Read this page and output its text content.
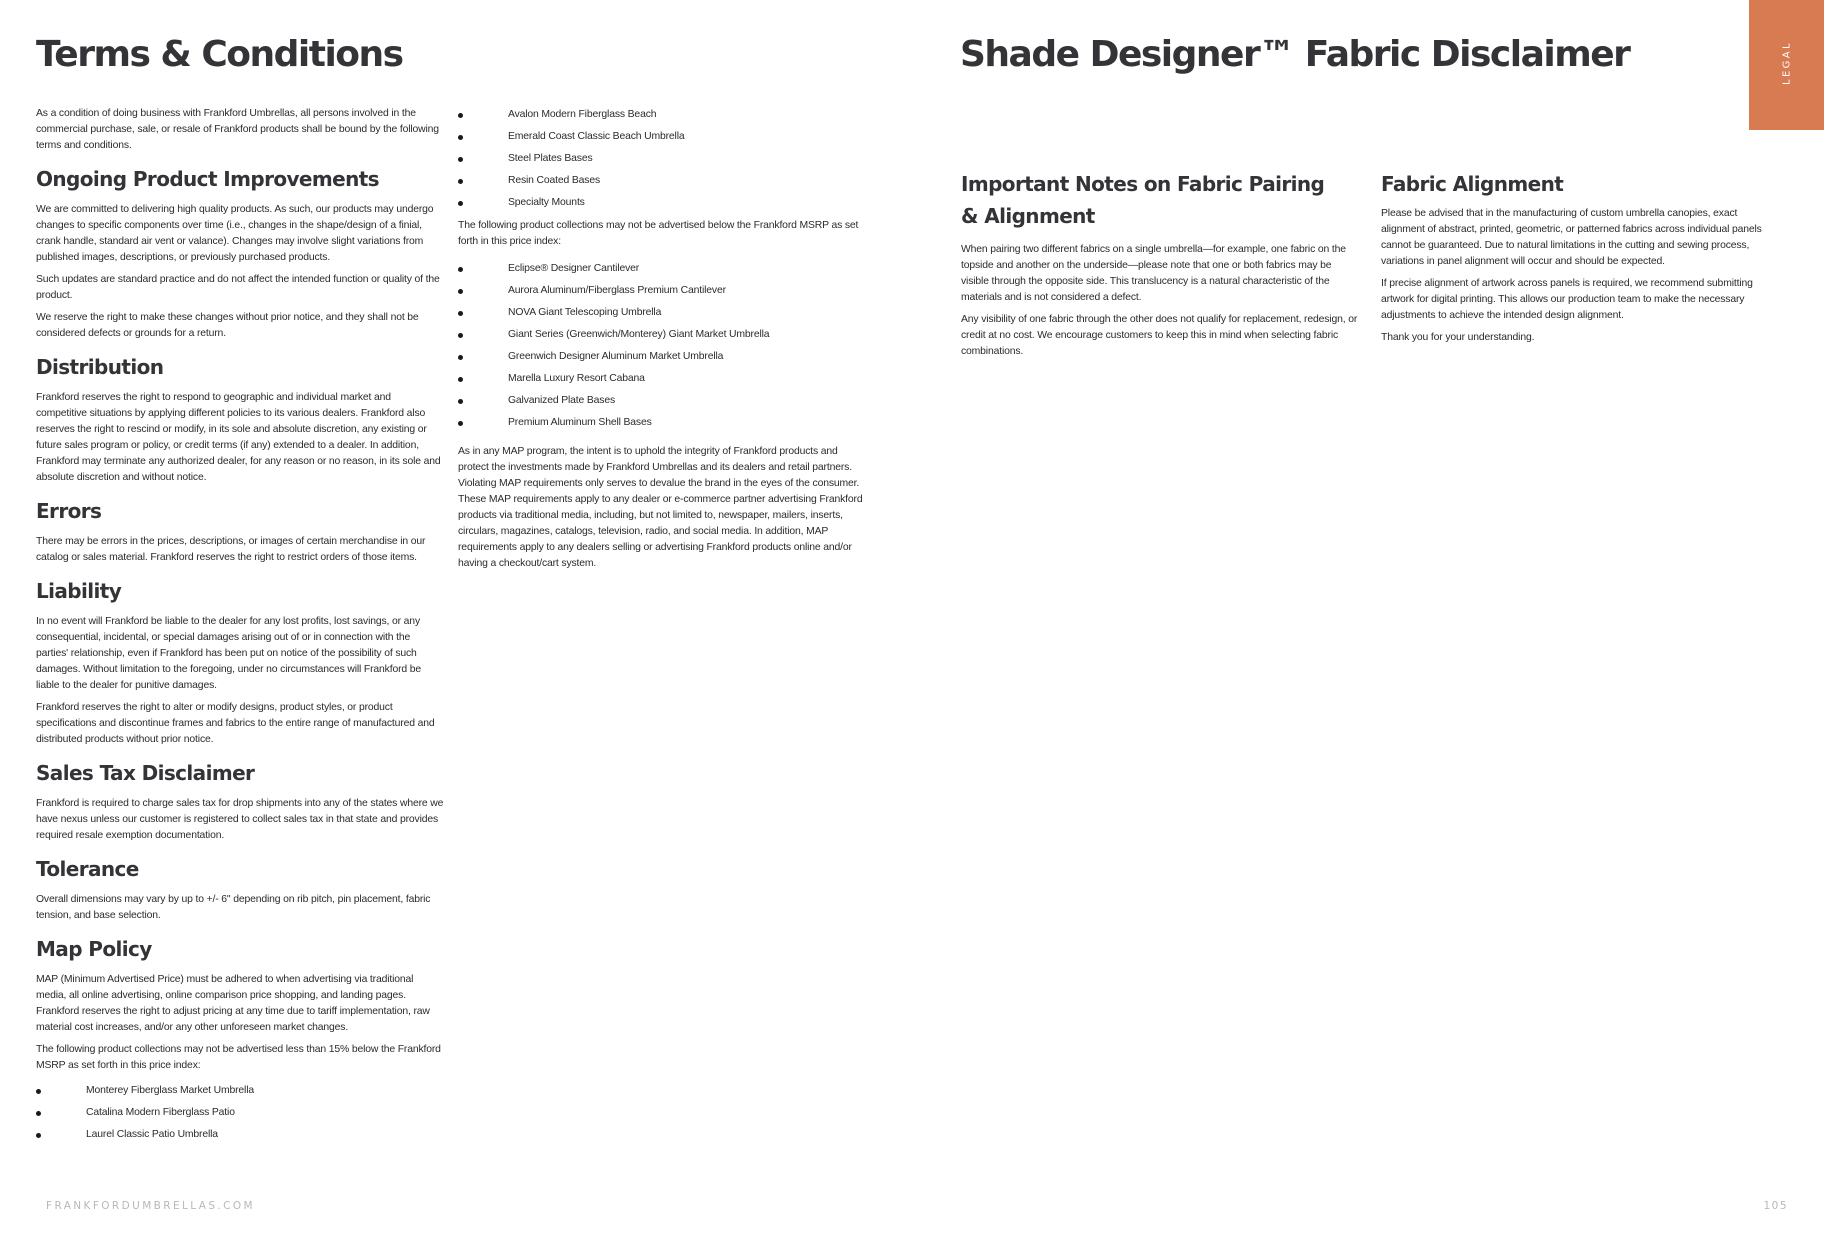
Terms & Conditions

As a condition of doing business with Frankford Umbrellas, all persons involved in the commercial purchase, sale, or resale of Frankford products shall be bound by the following terms and conditions.

Ongoing Product Improvements

We are committed to delivering high quality products. As such, our products may undergo changes to specific components over time (i.e., changes in the shape/design of a finial, crank handle, standard air vent or valance). Changes may involve slight variations from published images, descriptions, or previously purchased products.

Such updates are standard practice and do not affect the intended function or quality of the product.

We reserve the right to make these changes without prior notice, and they shall not be considered defects or grounds for a return.

Distribution

Frankford reserves the right to respond to geographic and individual market and competitive situations by applying different policies to its various dealers. Frankford also reserves the right to rescind or modify, in its sole and absolute discretion, any existing or future sales program or policy, or credit terms (if any) extended to a dealer. In addition, Frankford may terminate any authorized dealer, for any reason or no reason, in its sole and absolute discretion and without notice.

Errors

There may be errors in the prices, descriptions, or images of certain merchandise in our catalog or sales material. Frankford reserves the right to restrict orders of those items.

Liability

In no event will Frankford be liable to the dealer for any lost profits, lost savings, or any consequential, incidental, or special damages arising out of or in connection with the parties' relationship, even if Frankford has been put on notice of the possibility of such damages. Without limitation to the foregoing, under no circumstances will Frankford be liable to the dealer for punitive damages.

Frankford reserves the right to alter or modify designs, product styles, or product specifications and discontinue frames and fabrics to the entire range of manufactured and distributed products without prior notice.

Sales Tax Disclaimer

Frankford is required to charge sales tax for drop shipments into any of the states where we have nexus unless our customer is registered to collect sales tax in that state and provides required resale exemption documentation.

Tolerance

Overall dimensions may vary by up to +/- 6" depending on rib pitch, pin placement, fabric tension, and base selection.

Map Policy

MAP (Minimum Advertised Price) must be adhered to when advertising via traditional media, all online advertising, online comparison price shopping, and landing pages. Frankford reserves the right to adjust pricing at any time due to tariff implementation, raw material cost increases, and/or any other unforeseen market changes.

The following product collections may not be advertised less than 15% below the Frankford MSRP as set forth in this price index:

Monterey Fiberglass Market Umbrella
Catalina Modern Fiberglass Patio
Laurel Classic Patio Umbrella
Avalon Modern Fiberglass Beach
Emerald Coast Classic Beach Umbrella
Steel Plates Bases
Resin Coated Bases
Specialty Mounts

The following product collections may not be advertised below the Frankford MSRP as set forth in this price index:

Eclipse® Designer Cantilever
Aurora Aluminum/Fiberglass Premium Cantilever
NOVA Giant Telescoping Umbrella
Giant Series (Greenwich/Monterey) Giant Market Umbrella
Greenwich Designer Aluminum Market Umbrella
Marella Luxury Resort Cabana
Galvanized Plate Bases
Premium Aluminum Shell Bases

As in any MAP program, the intent is to uphold the integrity of Frankford products and protect the investments made by Frankford Umbrellas and its dealers and retail partners. Violating MAP requirements only serves to devalue the brand in the eyes of the consumer. These MAP requirements apply to any dealer or e-commerce partner advertising Frankford products via traditional media, including, but not limited to, newspaper, mailers, inserts, circulars, magazines, catalogs, television, radio, and social media. In addition, MAP requirements apply to any dealers selling or advertising Frankford products online and/or having a checkout/cart system.

Shade Designer™ Fabric Disclaimer
Important Notes on Fabric Pairing
& Alignment

When pairing two different fabrics on a single umbrella—for example, one fabric on the topside and another on the underside—please note that one or both fabrics may be visible through the opposite side. This translucency is a natural characteristic of the materials and is not considered a defect.

Any visibility of one fabric through the other does not qualify for replacement, redesign, or credit at no cost. We encourage customers to keep this in mind when selecting fabric combinations.

Fabric Alignment

Please be advised that in the manufacturing of custom umbrella canopies, exact alignment of abstract, printed, geometric, or patterned fabrics across individual panels cannot be guaranteed. Due to natural limitations in the cutting and sewing process, variations in panel alignment will occur and should be expected.

If precise alignment of artwork across panels is required, we recommend submitting artwork for digital printing. This allows our production team to make the necessary adjustments to achieve the intended design alignment.

Thank you for your understanding.

LEGAL
FRANKFORDUMBRELLAS.COM	105
